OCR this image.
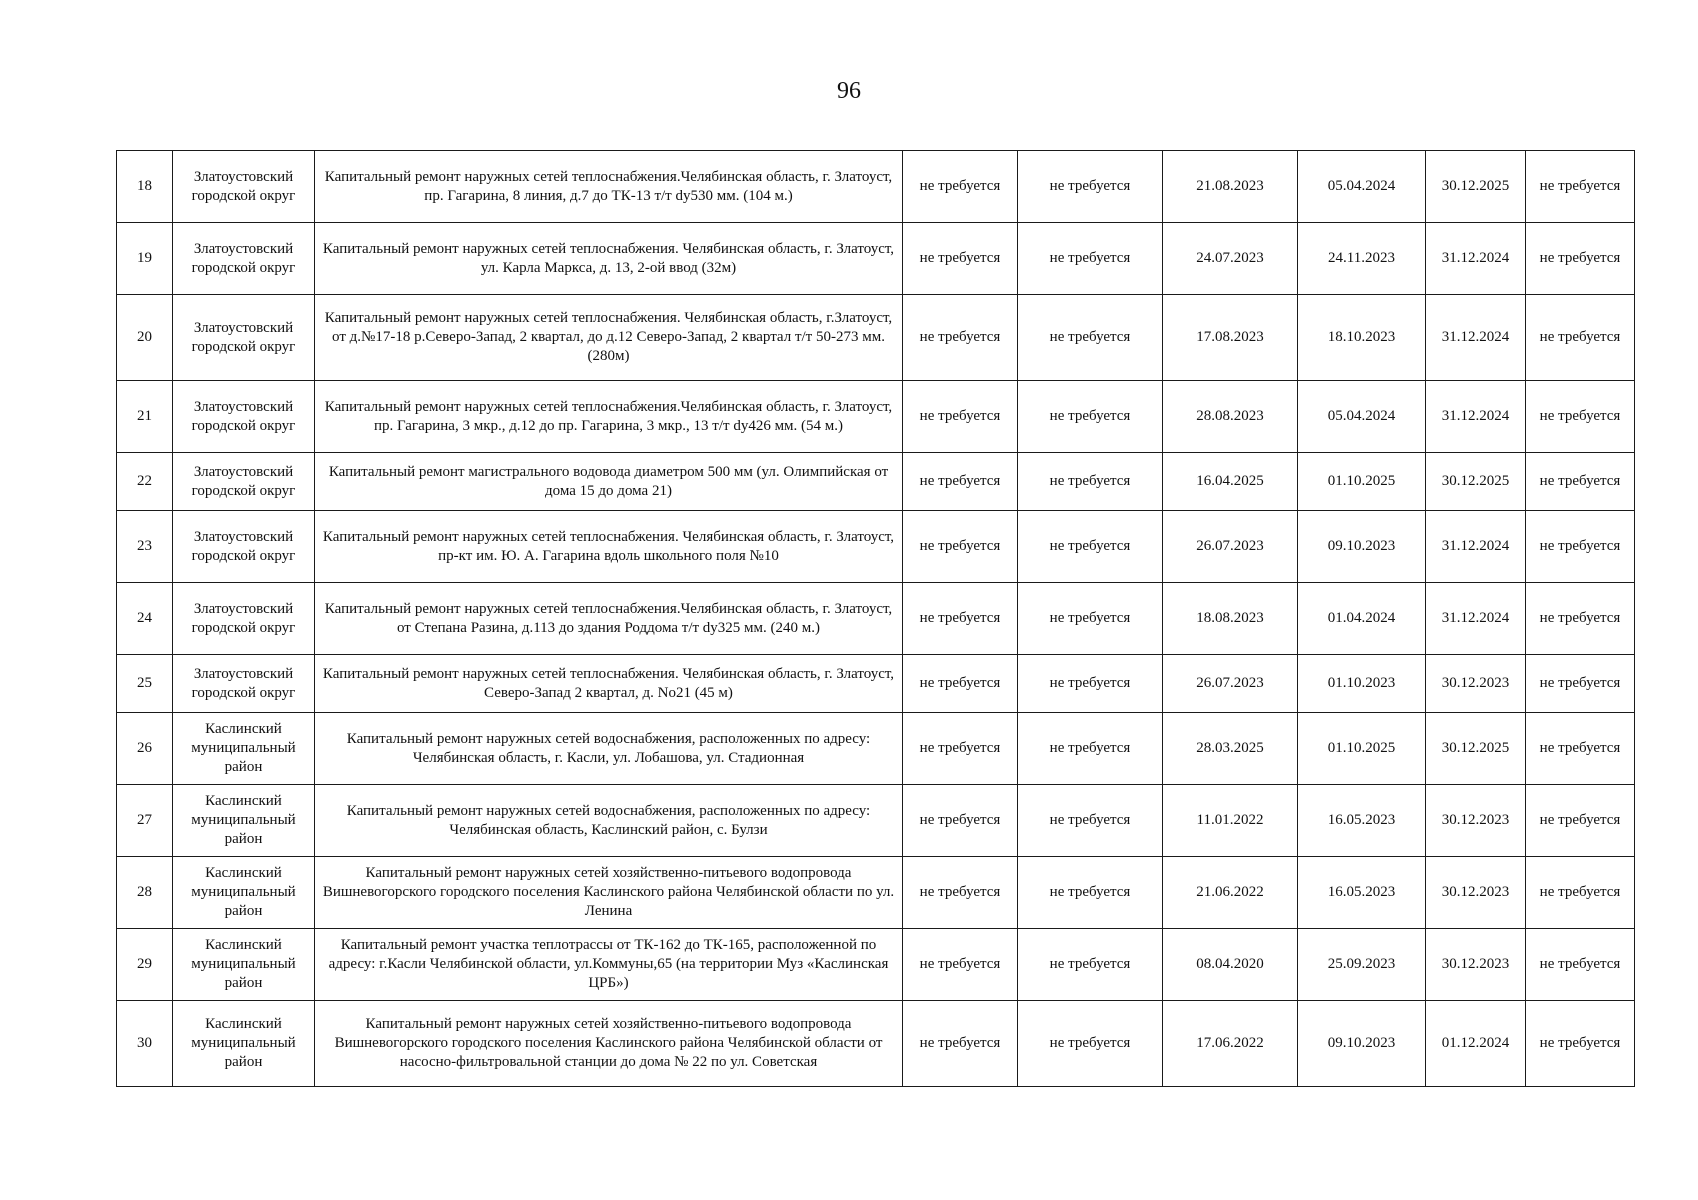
96
18	Златоустовский городской округ	Капитальный ремонт наружных сетей теплоснабжения.Челябинская область, г. Златоуст, пр. Гагарина, 8 линия, д.7 до ТК-13 т/т dу530 мм. (104 м.)	не требуется	не требуется	21.08.2023	05.04.2024	30.12.2025	не требуется
19	Златоустовский городской округ	Капитальный ремонт наружных сетей теплоснабжения. Челябинская область, г. Златоуст, ул. Карла Маркса, д. 13, 2-ой ввод (32м)	не требуется	не требуется	24.07.2023	24.11.2023	31.12.2024	не требуется
20	Златоустовский городской округ	Капитальный ремонт наружных сетей теплоснабжения. Челябинская область, г.Златоуст, от д.№17-18 р.Северо-Запад, 2 квартал, до д.12 Северо-Запад, 2 квартал т/т 50-273 мм. (280м)	не требуется	не требуется	17.08.2023	18.10.2023	31.12.2024	не требуется
21	Златоустовский городской округ	Капитальный ремонт наружных сетей теплоснабжения.Челябинская область, г. Златоуст, пр. Гагарина, 3 мкр., д.12 до пр. Гагарина, 3 мкр., 13 т/т dу426 мм. (54 м.)	не требуется	не требуется	28.08.2023	05.04.2024	31.12.2024	не требуется
22	Златоустовский городской округ	Капитальный ремонт магистрального водовода диаметром 500 мм (ул. Олимпийская от дома 15 до дома 21)	не требуется	не требуется	16.04.2025	01.10.2025	30.12.2025	не требуется
23	Златоустовский городской округ	Капитальный ремонт наружных сетей теплоснабжения. Челябинская область, г. Златоуст, пр-кт им. Ю. А. Гагарина вдоль школьного поля №10	не требуется	не требуется	26.07.2023	09.10.2023	31.12.2024	не требуется
24	Златоустовский городской округ	Капитальный ремонт наружных сетей теплоснабжения.Челябинская область, г. Златоуст, от Степана Разина, д.113 до здания Роддома т/т dу325 мм. (240 м.)	не требуется	не требуется	18.08.2023	01.04.2024	31.12.2024	не требуется
25	Златоустовский городской округ	Капитальный ремонт наружных сетей теплоснабжения. Челябинская область, г. Златоуст, Северо-Запад 2 квартал, д. No21 (45 м)	не требуется	не требуется	26.07.2023	01.10.2023	30.12.2023	не требуется
26	Каслинский муниципальный район	Капитальный ремонт наружных сетей водоснабжения, расположенных по адресу: Челябинская область, г. Касли, ул. Лобашова, ул. Стадионная	не требуется	не требуется	28.03.2025	01.10.2025	30.12.2025	не требуется
27	Каслинский муниципальный район	Капитальный ремонт наружных сетей водоснабжения, расположенных по адресу: Челябинская область, Каслинский район, с. Булзи	не требуется	не требуется	11.01.2022	16.05.2023	30.12.2023	не требуется
28	Каслинский муниципальный район	Капитальный ремонт наружных сетей хозяйственно-питьевого водопровода Вишневогорского городского поселения Каслинского района Челябинской области по ул. Ленина	не требуется	не требуется	21.06.2022	16.05.2023	30.12.2023	не требуется
29	Каслинский муниципальный район	Капитальный ремонт участка теплотрассы от ТК-162 до ТК-165, расположенной по адресу: г.Касли Челябинской области, ул.Коммуны,65 (на территории Муз «Каслинская ЦРБ»)	не требуется	не требуется	08.04.2020	25.09.2023	30.12.2023	не требуется
30	Каслинский муниципальный район	Капитальный ремонт наружных сетей хозяйственно-питьевого водопровода Вишневогорского городского поселения Каслинского района Челябинской области от насосно-фильтровальной станции до дома № 22 по ул. Советская	не требуется	не требуется	17.06.2022	09.10.2023	01.12.2024	не требуется
